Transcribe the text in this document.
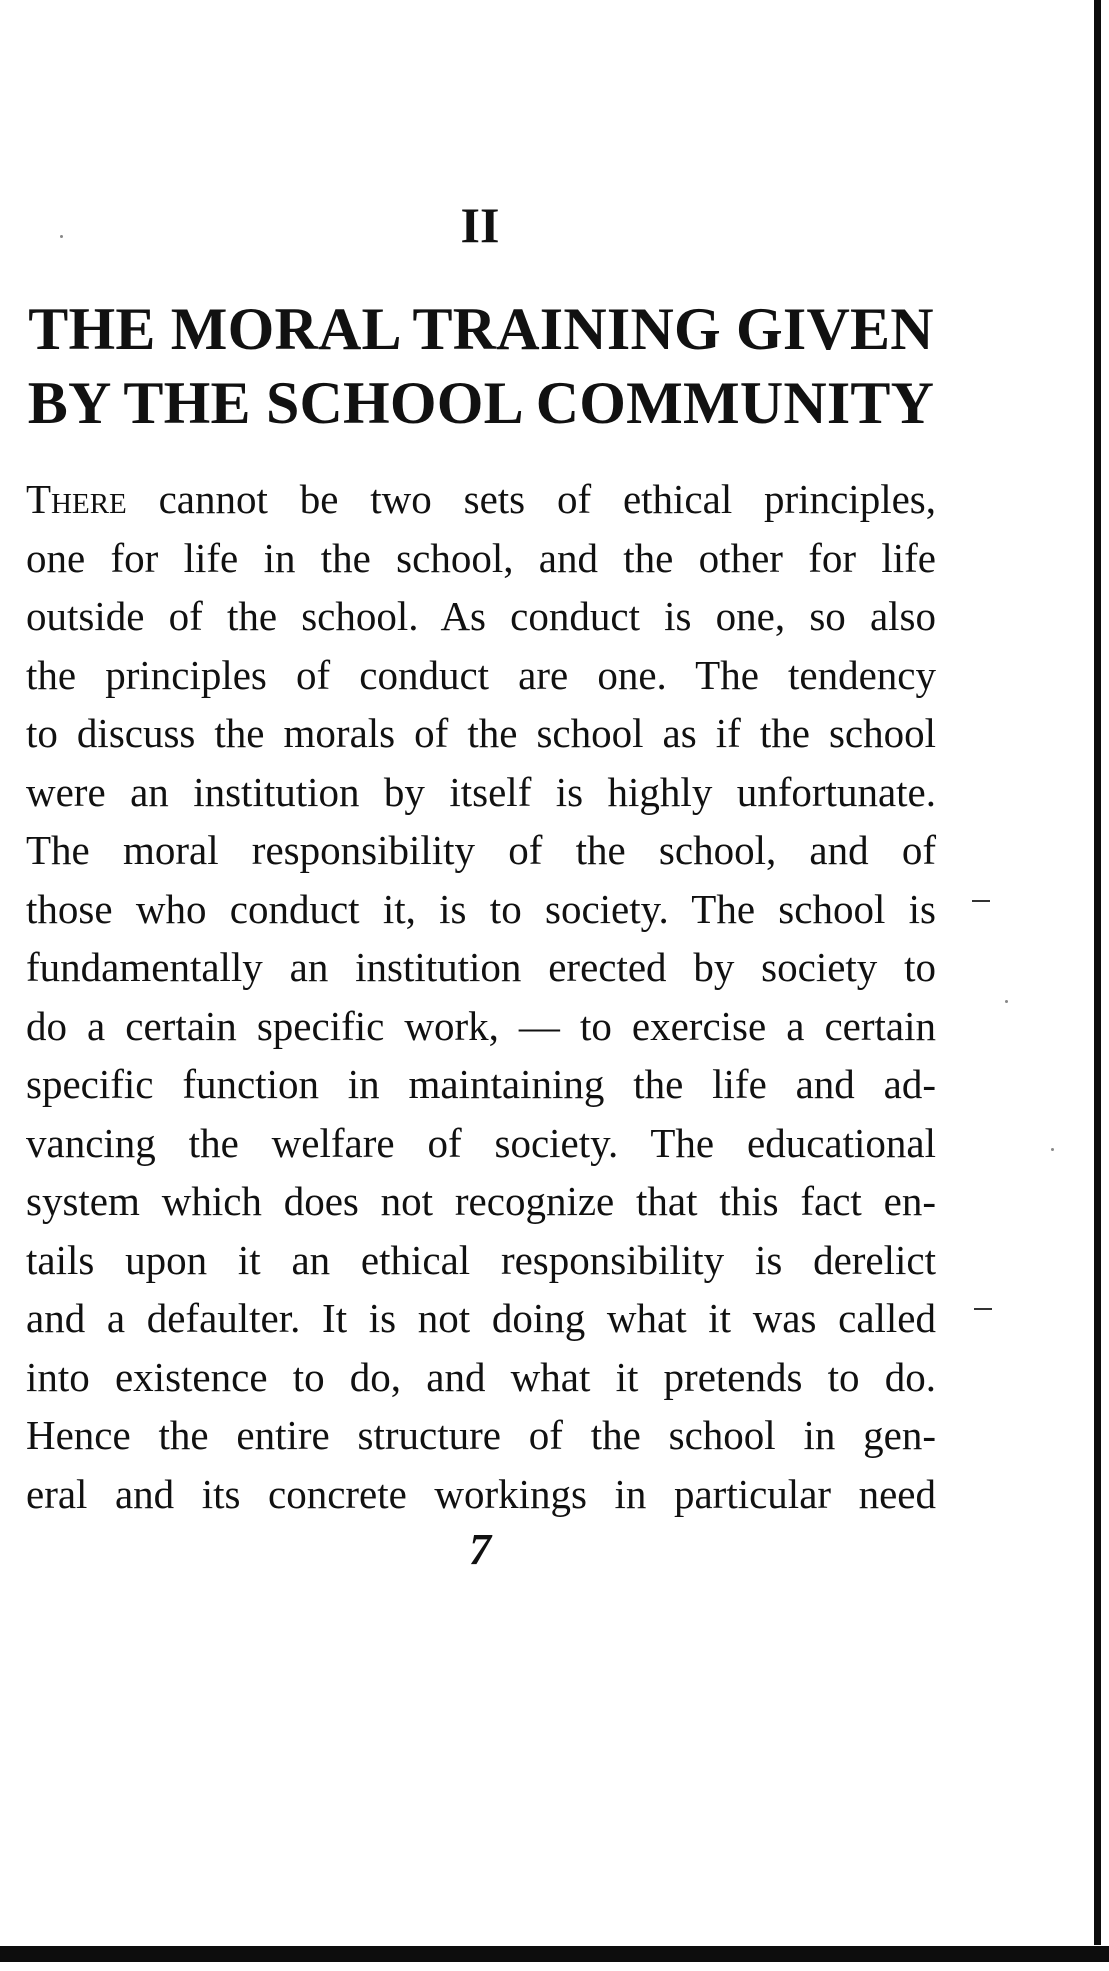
II
THE MORAL TRAINING GIVEN
BY THE SCHOOL COMMUNITY
There cannot be two sets of ethical principles,
one for life in the school, and the other for life
outside of the school. As conduct is one, so also
the principles of conduct are one. The tendency
to discuss the morals of the school as if the school
were an institution by itself is highly unfortunate.
The moral responsibility of the school, and of
those who conduct it, is to society. The school is
fundamentally an institution erected by society to
do a certain specific work, — to exercise a certain
specific function in maintaining the life and ad-
vancing the welfare of society. The educational
system which does not recognize that this fact en-
tails upon it an ethical responsibility is derelict
and a defaulter. It is not doing what it was called
into existence to do, and what it pretends to do.
Hence the entire structure of the school in gen-
eral and its concrete workings in particular need
7
